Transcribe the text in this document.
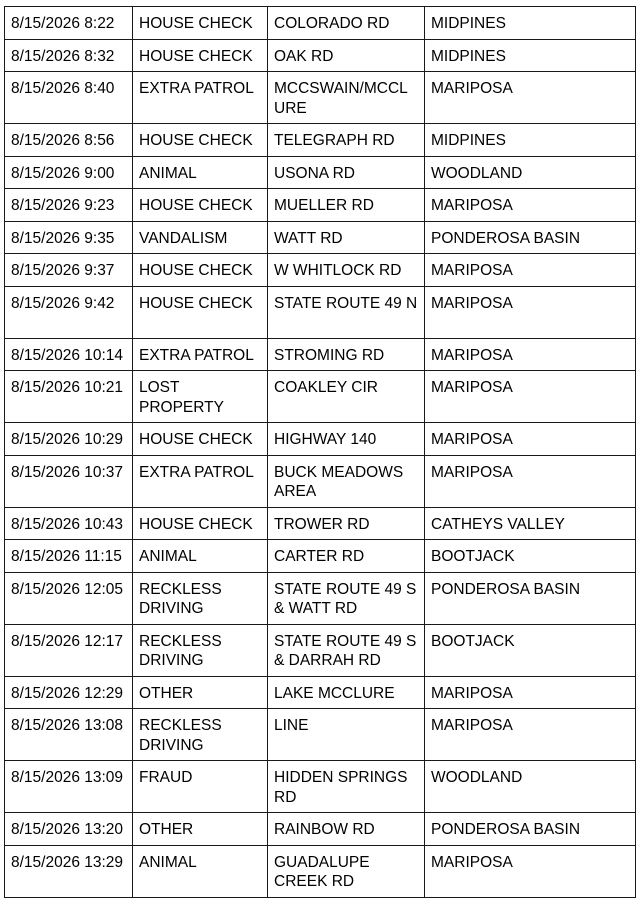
8/15/2026 8:22	HOUSE CHECK	COLORADO RD	MIDPINES
8/15/2026 8:32	HOUSE CHECK	OAK RD	MIDPINES
8/15/2026 8:40	EXTRA PATROL	MCCSWAIN/MCCL URE	MARIPOSA
8/15/2026 8:56	HOUSE CHECK	TELEGRAPH RD	MIDPINES
8/15/2026 9:00	ANIMAL	USONA RD	WOODLAND
8/15/2026 9:23	HOUSE CHECK	MUELLER RD	MARIPOSA
8/15/2026 9:35	VANDALISM	WATT RD	PONDEROSA BASIN
8/15/2026 9:37	HOUSE CHECK	W WHITLOCK RD	MARIPOSA
8/15/2026 9:42	HOUSE CHECK	STATE ROUTE 49 N	MARIPOSA
8/15/2026 10:14	EXTRA PATROL	STROMING RD	MARIPOSA
8/15/2026 10:21	LOST PROPERTY	COAKLEY CIR	MARIPOSA
8/15/2026 10:29	HOUSE CHECK	HIGHWAY 140	MARIPOSA
8/15/2026 10:37	EXTRA PATROL	BUCK MEADOWS AREA	MARIPOSA
8/15/2026 10:43	HOUSE CHECK	TROWER RD	CATHEYS VALLEY
8/15/2026 11:15	ANIMAL	CARTER RD	BOOTJACK
8/15/2026 12:05	RECKLESS DRIVING	STATE ROUTE 49 S & WATT RD	PONDEROSA BASIN
8/15/2026 12:17	RECKLESS DRIVING	STATE ROUTE 49 S & DARRAH RD	BOOTJACK
8/15/2026 12:29	OTHER	LAKE MCCLURE	MARIPOSA
8/15/2026 13:08	RECKLESS DRIVING	LINE	MARIPOSA
8/15/2026 13:09	FRAUD	HIDDEN SPRINGS RD	WOODLAND
8/15/2026 13:20	OTHER	RAINBOW RD	PONDEROSA BASIN
8/15/2026 13:29	ANIMAL	GUADALUPE CREEK RD	MARIPOSA
